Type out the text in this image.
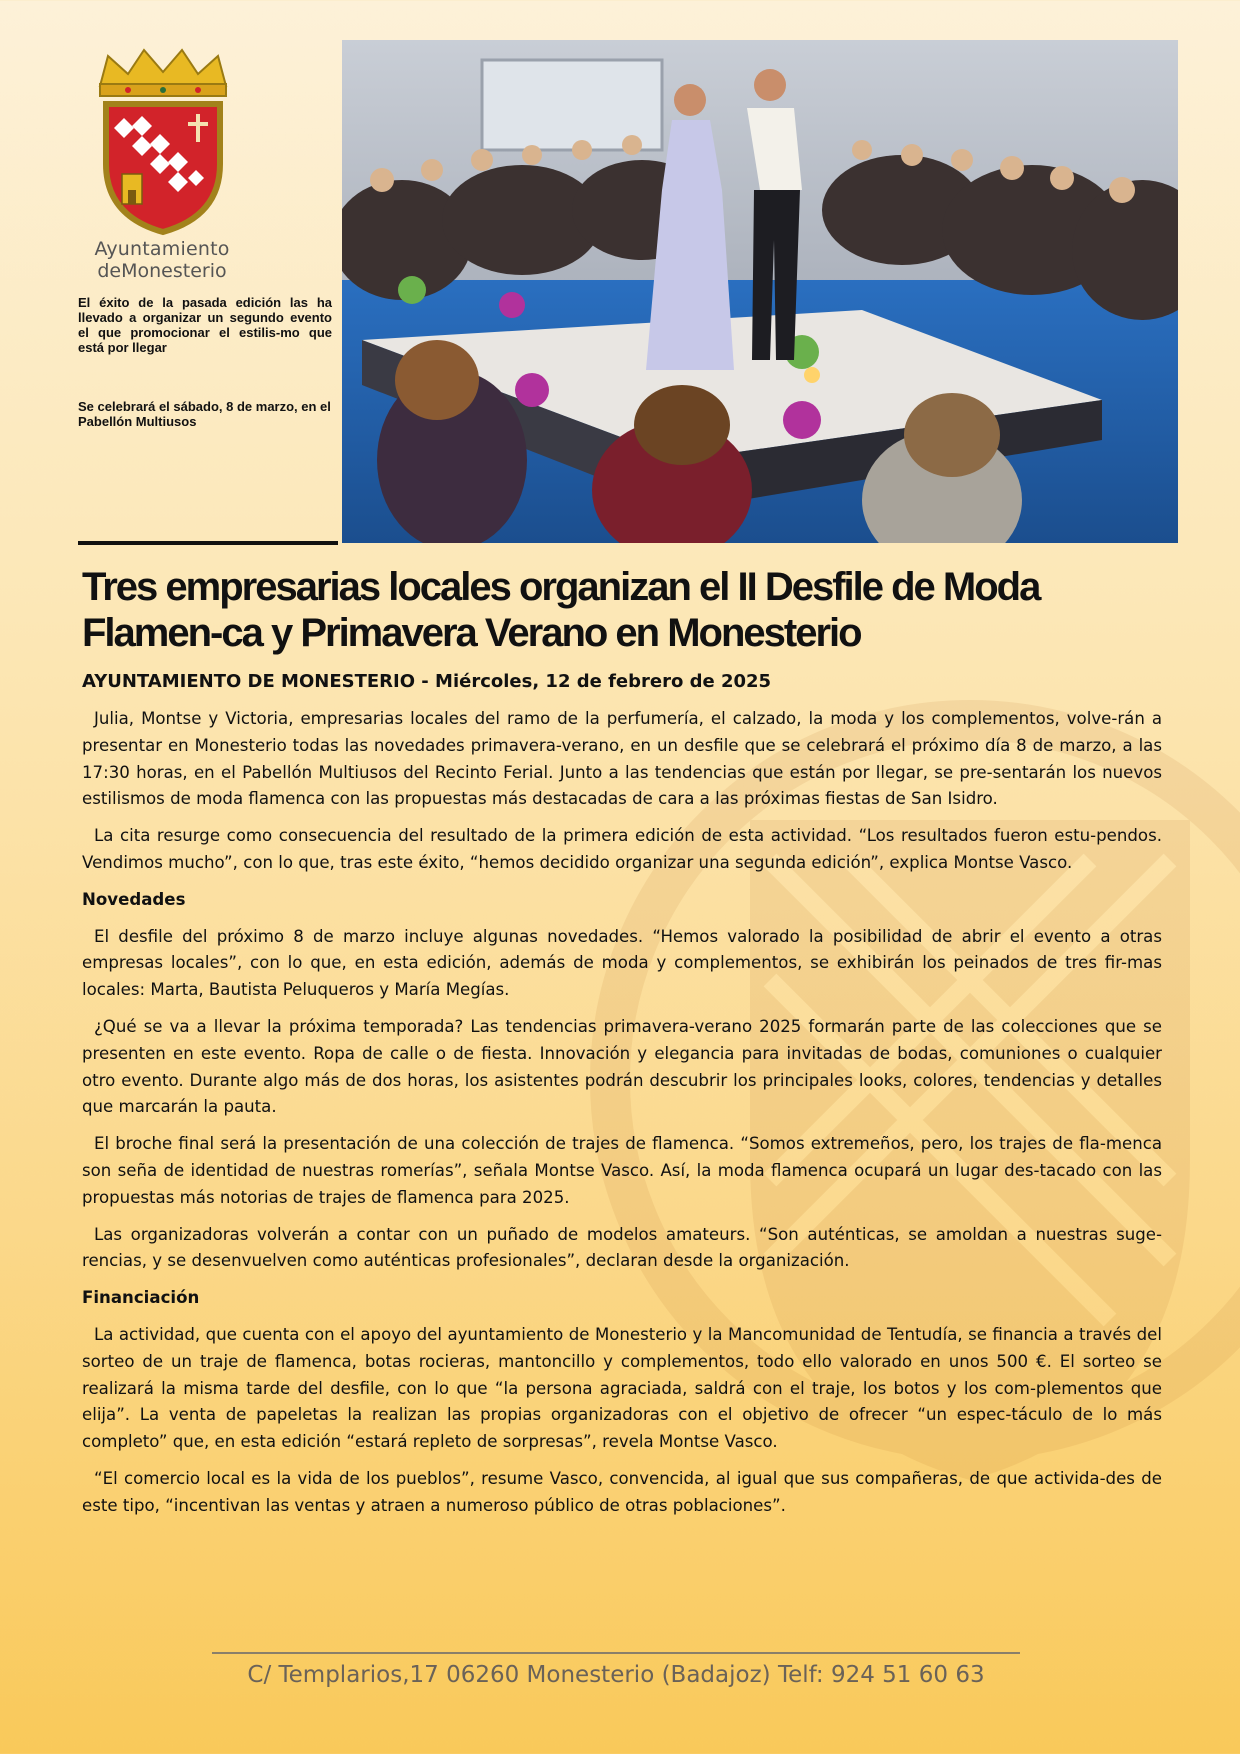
Ayuntamiento
deMonesterio
El éxito de la pasada edición las ha llevado a organizar un segundo evento el que promocionar el estilis-mo que está por llegar
Se celebrará el sábado, 8 de marzo, en el Pabellón Multiusos
Tres empresarias locales organizan el II Desfile de Moda Flamen-ca y Primavera Verano en Monesterio
AYUNTAMIENTO DE MONESTERIO - Miércoles, 12 de febrero de 2025

Julia, Montse y Victoria, empresarias locales del ramo de la perfumería, el calzado, la moda y los complementos, volve-rán a presentar en Monesterio todas las novedades primavera-verano, en un desfile que se celebrará el próximo día 8 de marzo, a las 17:30 horas, en el Pabellón Multiusos del Recinto Ferial. Junto a las tendencias que están por llegar, se pre-sentarán los nuevos estilismos de moda flamenca con las propuestas más destacadas de cara a las próximas fiestas de San Isidro.

La cita resurge como consecuencia del resultado de la primera edición de esta actividad. “Los resultados fueron estu-pendos. Vendimos mucho”, con lo que, tras este éxito, “hemos decidido organizar una segunda edición”, explica Montse Vasco.

Novedades

El desfile del próximo 8 de marzo incluye algunas novedades. “Hemos valorado la posibilidad de abrir el evento a otras empresas locales”, con lo que, en esta edición, además de moda y complementos, se exhibirán los peinados de tres fir-mas locales: Marta, Bautista Peluqueros y María Megías.

¿Qué se va a llevar la próxima temporada? Las tendencias primavera-verano 2025 formarán parte de las colecciones que se presenten en este evento. Ropa de calle o de fiesta. Innovación y elegancia para invitadas de bodas, comuniones o cualquier otro evento. Durante algo más de dos horas, los asistentes podrán descubrir los principales looks, colores, tendencias y detalles que marcarán la pauta.

El broche final será la presentación de una colección de trajes de flamenca. “Somos extremeños, pero, los trajes de fla-menca son seña de identidad de nuestras romerías”, señala Montse Vasco. Así, la moda flamenca ocupará un lugar des-tacado con las propuestas más notorias de trajes de flamenca para 2025.

Las organizadoras volverán a contar con un puñado de modelos amateurs. “Son auténticas, se amoldan a nuestras suge-rencias, y se desenvuelven como auténticas profesionales”, declaran desde la organización.

Financiación

La actividad, que cuenta con el apoyo del ayuntamiento de Monesterio y la Mancomunidad de Tentudía, se financia a través del sorteo de un traje de flamenca, botas rocieras, mantoncillo y complementos, todo ello valorado en unos 500 €. El sorteo se realizará la misma tarde del desfile, con lo que “la persona agraciada, saldrá con el traje, los botos y los com-plementos que elija”. La venta de papeletas la realizan las propias organizadoras con el objetivo de ofrecer “un espec-táculo de lo más completo” que, en esta edición “estará repleto de sorpresas”, revela Montse Vasco.

“El comercio local es la vida de los pueblos”, resume Vasco, convencida, al igual que sus compañeras, de que activida-des de este tipo, “incentivan las ventas y atraen a numeroso público de otras poblaciones”.

C/ Templarios,17 06260 Monesterio (Badajoz) Telf: 924 51 60 63
